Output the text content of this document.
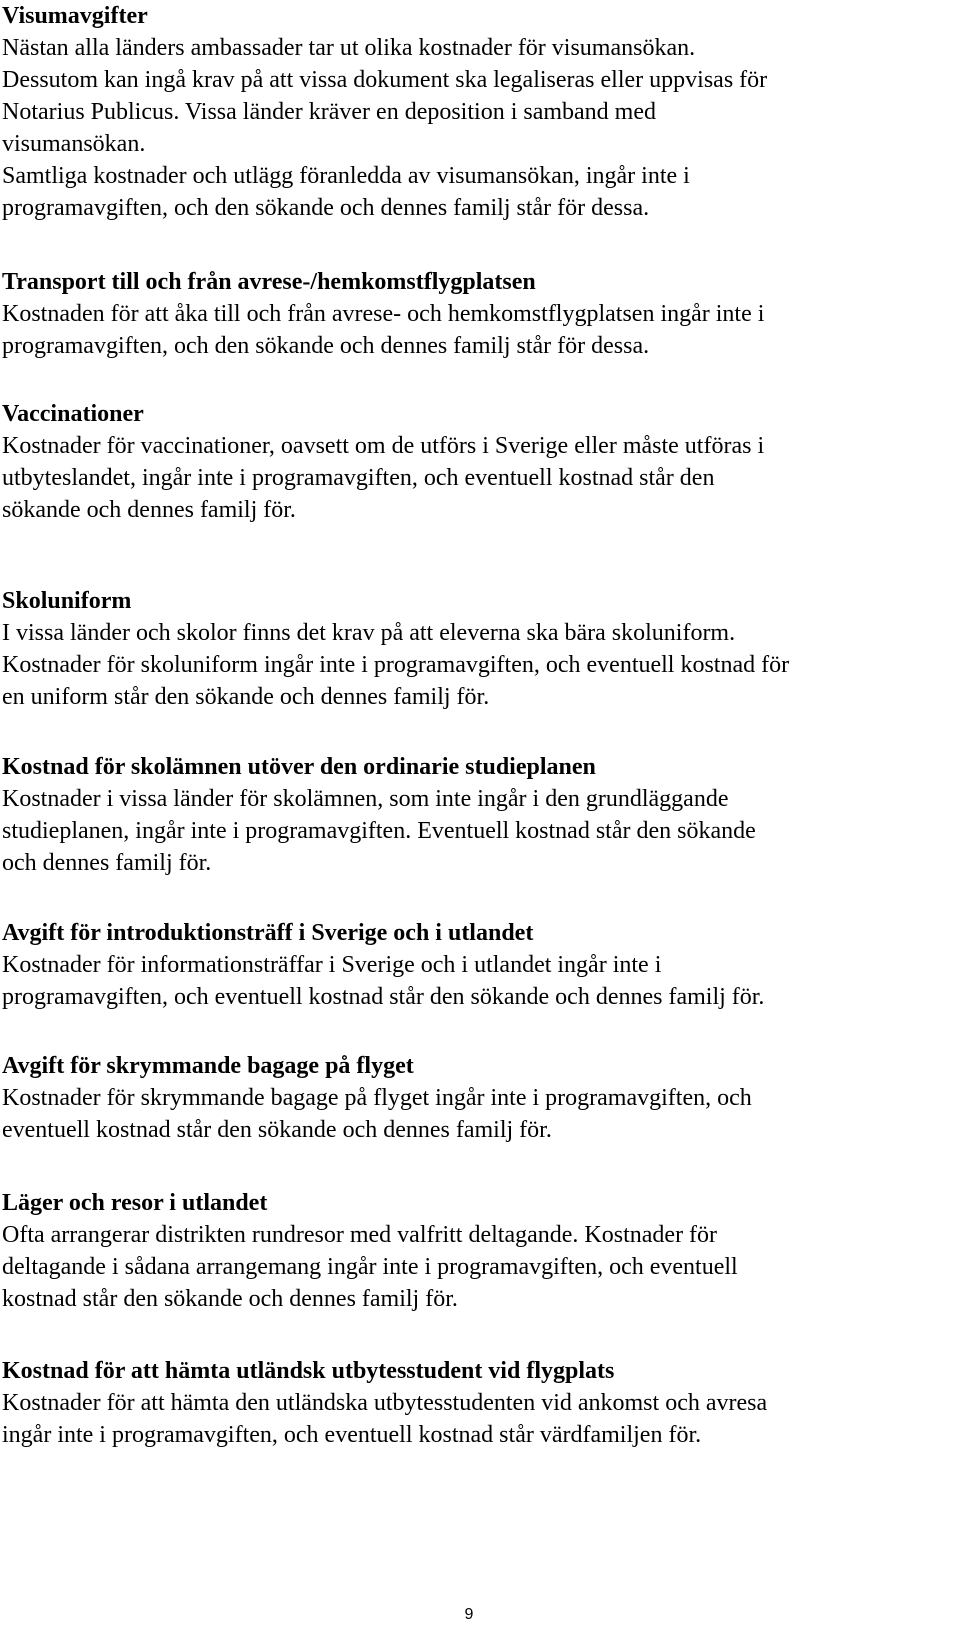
Visumavgifter

Nästan alla länders ambassader tar ut olika kostnader för visumansökan.
Dessutom kan ingå krav på att vissa dokument ska legaliseras eller uppvisas för
Notarius Publicus. Vissa länder kräver en deposition i samband med
visumansökan.
Samtliga kostnader och utlägg föranledda av visumansökan, ingår inte i
programavgiften, och den sökande och dennes familj står för dessa.

Transport till och från avrese-/hemkomstflygplatsen

Kostnaden för att åka till och från avrese- och hemkomstflygplatsen ingår inte i
programavgiften, och den sökande och dennes familj står för dessa.

Vaccinationer

Kostnader för vaccinationer, oavsett om de utförs i Sverige eller måste utföras i
utbyteslandet, ingår inte i programavgiften, och eventuell kostnad står den
sökande och dennes familj för.

Skoluniform

I vissa länder och skolor finns det krav på att eleverna ska bära skoluniform.
Kostnader för skoluniform ingår inte i programavgiften, och eventuell kostnad för
en uniform står den sökande och dennes familj för.

Kostnad för skolämnen utöver den ordinarie studieplanen

Kostnader i vissa länder för skolämnen, som inte ingår i den grundläggande
studieplanen, ingår inte i programavgiften. Eventuell kostnad står den sökande
och dennes familj för.

Avgift för introduktionsträff i Sverige och i utlandet

Kostnader för informationsträffar i Sverige och i utlandet ingår inte i
programavgiften, och eventuell kostnad står den sökande och dennes familj för.

Avgift för skrymmande bagage på flyget

Kostnader för skrymmande bagage på flyget ingår inte i programavgiften, och
eventuell kostnad står den sökande och dennes familj för.

Läger och resor i utlandet

Ofta arrangerar distrikten rundresor med valfritt deltagande. Kostnader för
deltagande i sådana arrangemang ingår inte i programavgiften, och eventuell
kostnad står den sökande och dennes familj för.

Kostnad för att hämta utländsk utbytesstudent vid flygplats

Kostnader för att hämta den utländska utbytesstudenten vid ankomst och avresa
ingår inte i programavgiften, och eventuell kostnad står värdfamiljen för.

9
